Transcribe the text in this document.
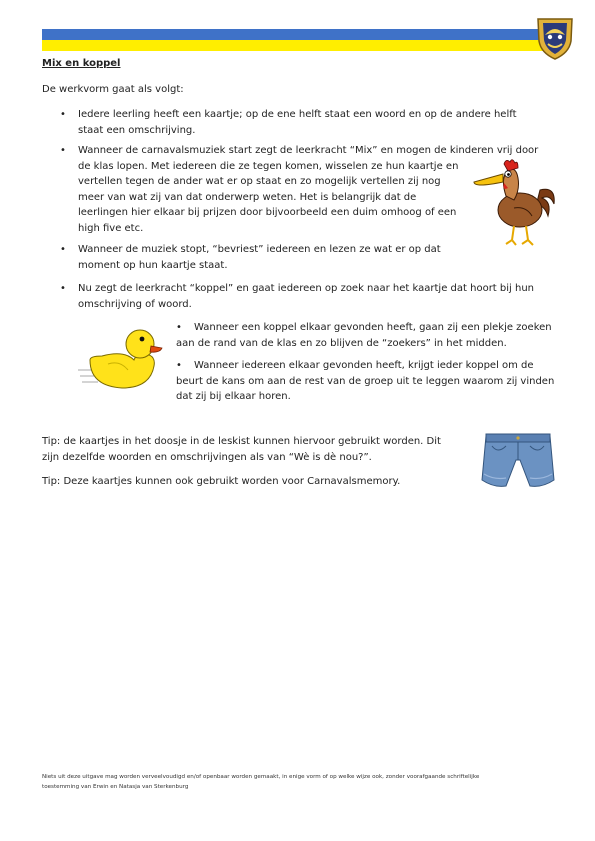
Mix en koppel
De werkvorm gaat als volgt:
• Iedere leerling heeft een kaartje; op de ene helft staat een woord en op de andere helft
staat een omschrijving.
• Wanneer de carnavalsmuziek start zegt de leerkracht “Mix” en mogen de kinderen vrij door
de klas lopen. Met iedereen die ze tegen komen, wisselen ze hun kaartje en
vertellen tegen de ander wat er op staat en zo mogelijk vertellen zij nog
meer van wat zij van dat onderwerp weten. Het is belangrijk dat de
leerlingen hier elkaar bij prijzen door bijvoorbeeld een duim omhoog of een
high five etc.
• Wanneer de muziek stopt, “bevriest” iedereen en lezen ze wat er op dat
moment op hun kaartje staat.
• Nu zegt de leerkracht “koppel” en gaat iedereen op zoek naar het kaartje dat hoort bij hun
omschrijving of woord.
•	Wanneer een koppel elkaar gevonden heeft, gaan zij een plekje zoeken
aan de rand van de klas en zo blijven de “zoekers” in het midden.
•	Wanneer iedereen elkaar gevonden heeft, krijgt ieder koppel om de
beurt de kans om aan de rest van de groep uit te leggen waarom zij vinden
dat zij bij elkaar horen.
Tip: de kaartjes in het doosje in de leskist kunnen hiervoor gebruikt worden. Dit
zijn dezelfde woorden en omschrijvingen als van “Wè is dè nou?”.
Tip: Deze kaartjes kunnen ook gebruikt worden voor Carnavalsmemory.
Niets uit deze uitgave mag worden verveelvoudigd en/of openbaar worden gemaakt, in enige vorm of op welke wijze ook, zonder voorafgaande schriftelijke
toestemming van Erwin en Natasja van Sterkenburg
